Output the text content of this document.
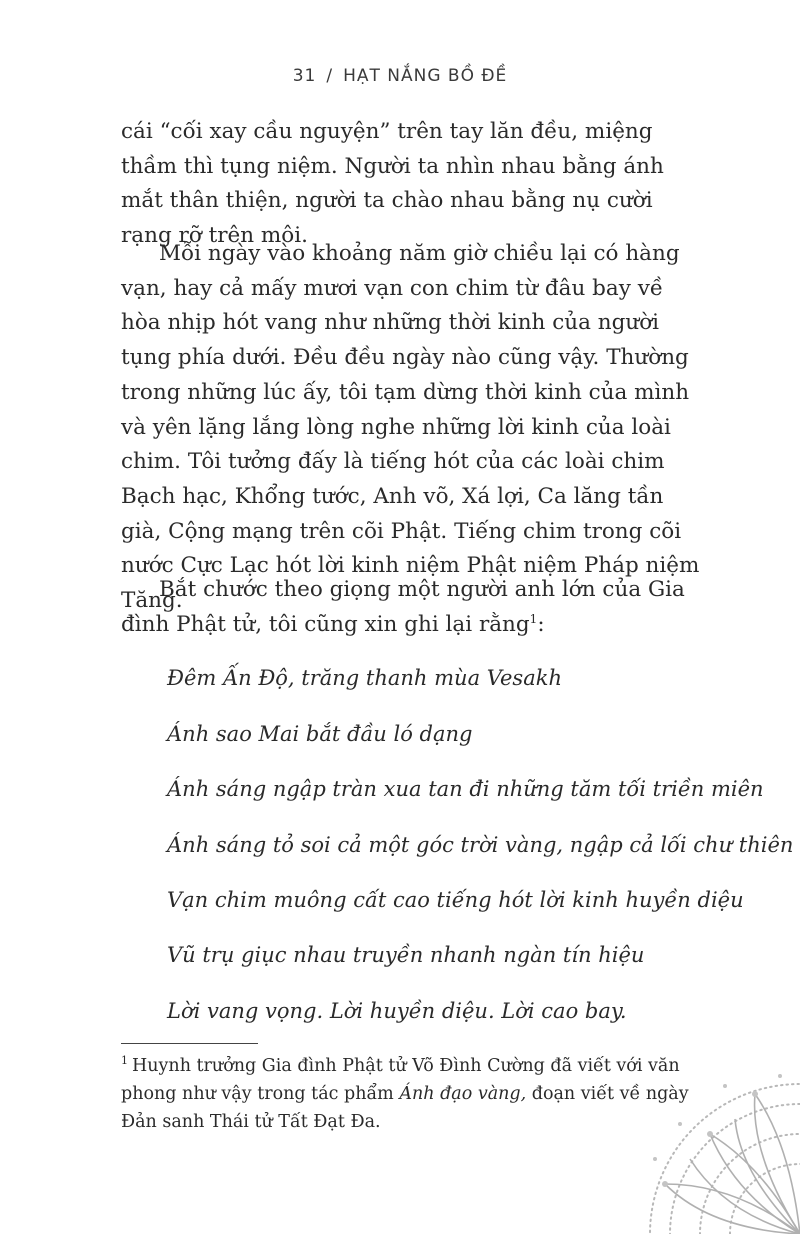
31 / HẠT NẮNG BỒ ĐỀ

cái “cối xay cầu nguyện” trên tay lăn đều, miệng thầm thì tụng niệm. Người ta nhìn nhau bằng ánh mắt thân thiện, người ta chào nhau bằng nụ cười rạng rỡ trên môi.

Mỗi ngày vào khoảng năm giờ chiều lại có hàng vạn, hay cả mấy mươi vạn con chim từ đâu bay về hòa nhịp hót vang như những thời kinh của người tụng phía dưới. Đều đều ngày nào cũng vậy. Thường trong những lúc ấy, tôi tạm dừng thời kinh của mình và yên lặng lắng lòng nghe những lời kinh của loài chim. Tôi tưởng đấy là tiếng hót của các loài chim Bạch hạc, Khổng tước, Anh võ, Xá lợi, Ca lăng tần già, Cộng mạng trên cõi Phật. Tiếng chim trong cõi nước Cực Lạc hót lời kinh niệm Phật niệm Pháp niệm Tăng.

Bắt chước theo giọng một người anh lớn của Gia đình Phật tử, tôi cũng xin ghi lại rằng$^1$:

Đêm Ấn Độ, trăng thanh mùa Vesakh

Ánh sao Mai bắt đầu ló dạng

Ánh sáng ngập tràn xua tan đi những tăm tối triền miên

Ánh sáng tỏ soi cả một góc trời vàng, ngập cả lối chư thiên

Vạn chim muông cất cao tiếng hót lời kinh huyền diệu

Vũ trụ giục nhau truyền nhanh ngàn tín hiệu

Lời vang vọng. Lời huyền diệu. Lời cao bay.

$^1$ Huynh trưởng Gia đình Phật tử Võ Đình Cường đã viết với văn phong như vậy trong tác phẩm Ánh đạo vàng, đoạn viết về ngày Đản sanh Thái tử Tất Đạt Đa.
